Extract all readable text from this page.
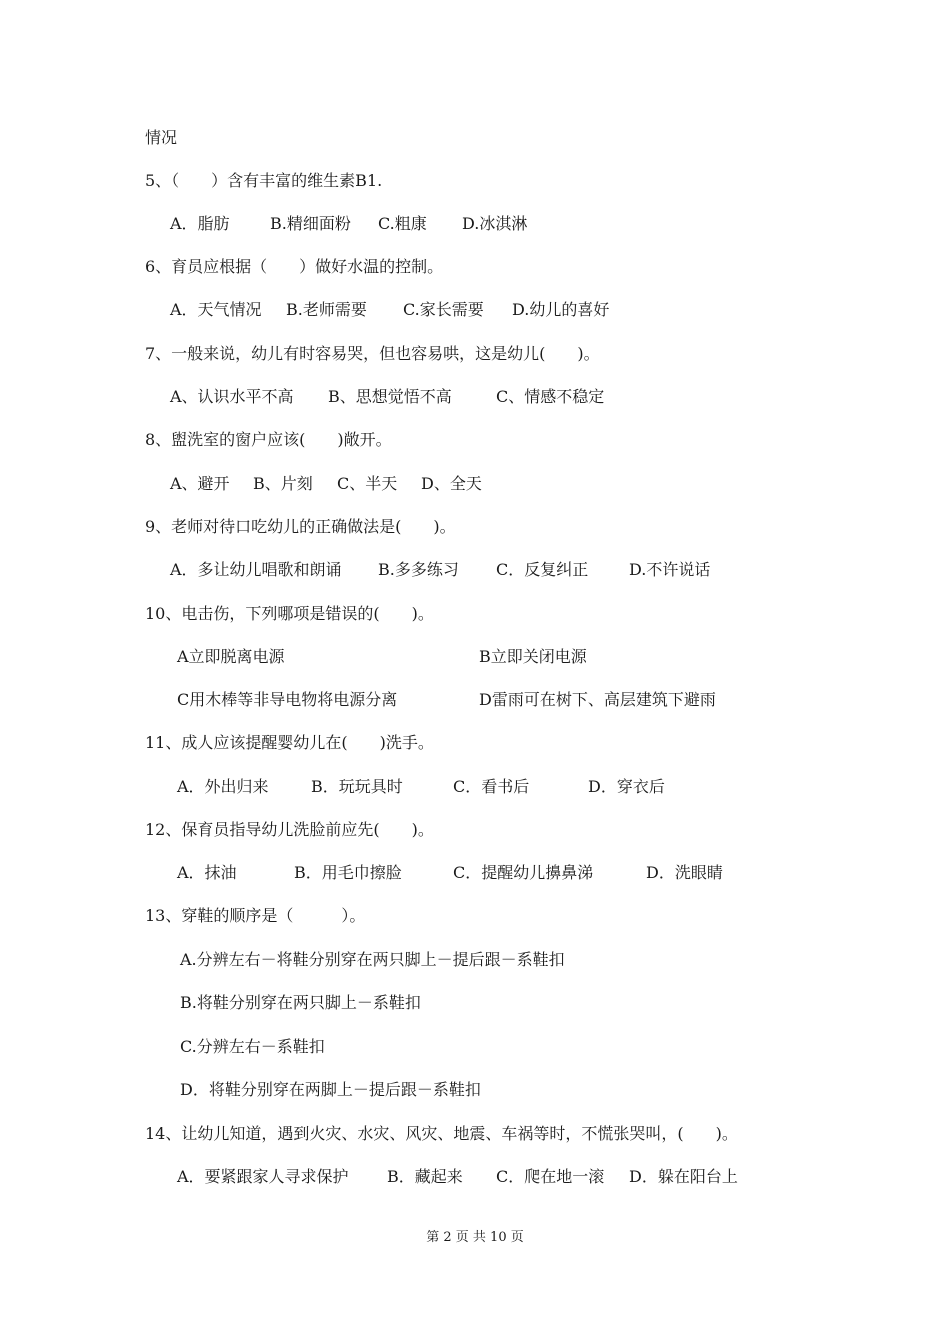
情况
5、（　　）含有丰富的维生素B1.
A．脂肪	B.精细面粉 C.粗康 D.冰淇淋
6、育员应根据（　　）做好水温的控制。
A．天气情况 B.老师需要 C.家长需要 D.幼儿的喜好
7、一般来说，幼儿有时容易哭，但也容易哄，这是幼儿(　　)。
A、认识水平不高 B、思想觉悟不高	C、情感不稳定
8、盥洗室的窗户应该(　　)敞开。
A、避开 B、片刻 C、半天 D、全天
9、老师对待口吃幼儿的正确做法是(　　)。
A．多让幼儿唱歌和朗诵 B.多多练习 C．反复纠正	D.不许说话
10、电击伤，下列哪项是错误的(　　)。
A立即脱离电源	B立即关闭电源
C用木棒等非导电物将电源分离	D雷雨可在树下、高层建筑下避雨
11、成人应该提醒婴幼儿在(　　)洗手。
A．外出归来	B．玩玩具时	C．看书后	D．穿衣后
12、保育员指导幼儿洗脸前应先(　　)。
A．抹油	B．用毛巾擦脸	C．提醒幼儿擤鼻涕	D．洗眼睛
13、穿鞋的顺序是（　　　）。
A.分辨左右－将鞋分别穿在两只脚上－提后跟－系鞋扣
B.将鞋分别穿在两只脚上－系鞋扣
C.分辨左右－系鞋扣
D．将鞋分别穿在两脚上－提后跟－系鞋扣
14、让幼儿知道，遇到火灾、水灾、风灾、地震、车祸等时，不慌张哭叫，(　　)。
A．要紧跟家人寻求保护 B．藏起来 C．爬在地一滚 D．躲在阳台上
第 2 页 共 10 页
